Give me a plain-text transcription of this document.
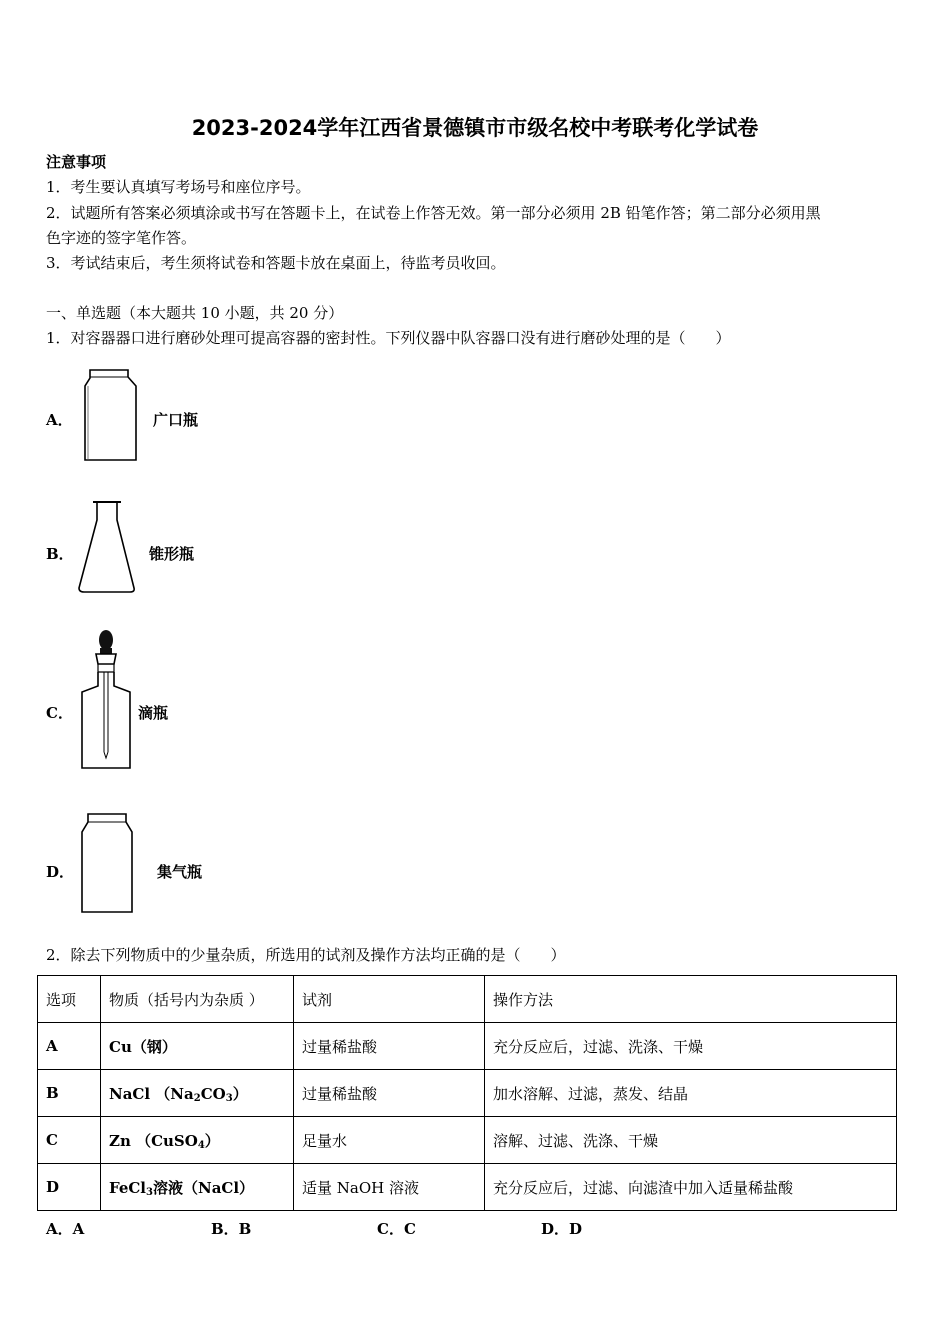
2023-2024学年江西省景德镇市市级名校中考联考化学试卷
注意事项
1．考生要认真填写考场号和座位序号。
2．试题所有答案必须填涂或书写在答题卡上，在试卷上作答无效。第一部分必须用 2B 铅笔作答；第二部分必须用黑
色字迹的签字笔作答。
3．考试结束后，考生须将试卷和答题卡放在桌面上，待监考员收回。
一、单选题（本大题共 10 小题，共 20 分）
1．对容器器口进行磨砂处理可提高容器的密封性。下列仪器中队容器口没有进行磨砂处理的是（　　）
A．	广口瓶
B．	锥形瓶
C．	滴瓶
D．	集气瓶
2．除去下列物质中的少量杂质，所选用的试剂及操作方法均正确的是（　　）
选项	物质（括号内为杂质 ）	试剂	操作方法
A	Cu（钢）	过量稀盐酸	充分反应后，过滤、洗涤、干燥
B	NaCl $(Na_2CO_3)$	过量稀盐酸	加水溶解、过滤，蒸发、结晶
C	Zn （CuSO$_4$）	足量水	溶解、过滤、洗涤、干燥
D	FeCl$_3$溶液（NaCl）	适量 NaOH 溶液	充分反应后，过滤、向滤渣中加入适量稀盐酸
A．A	B．B	C．C	D．D
